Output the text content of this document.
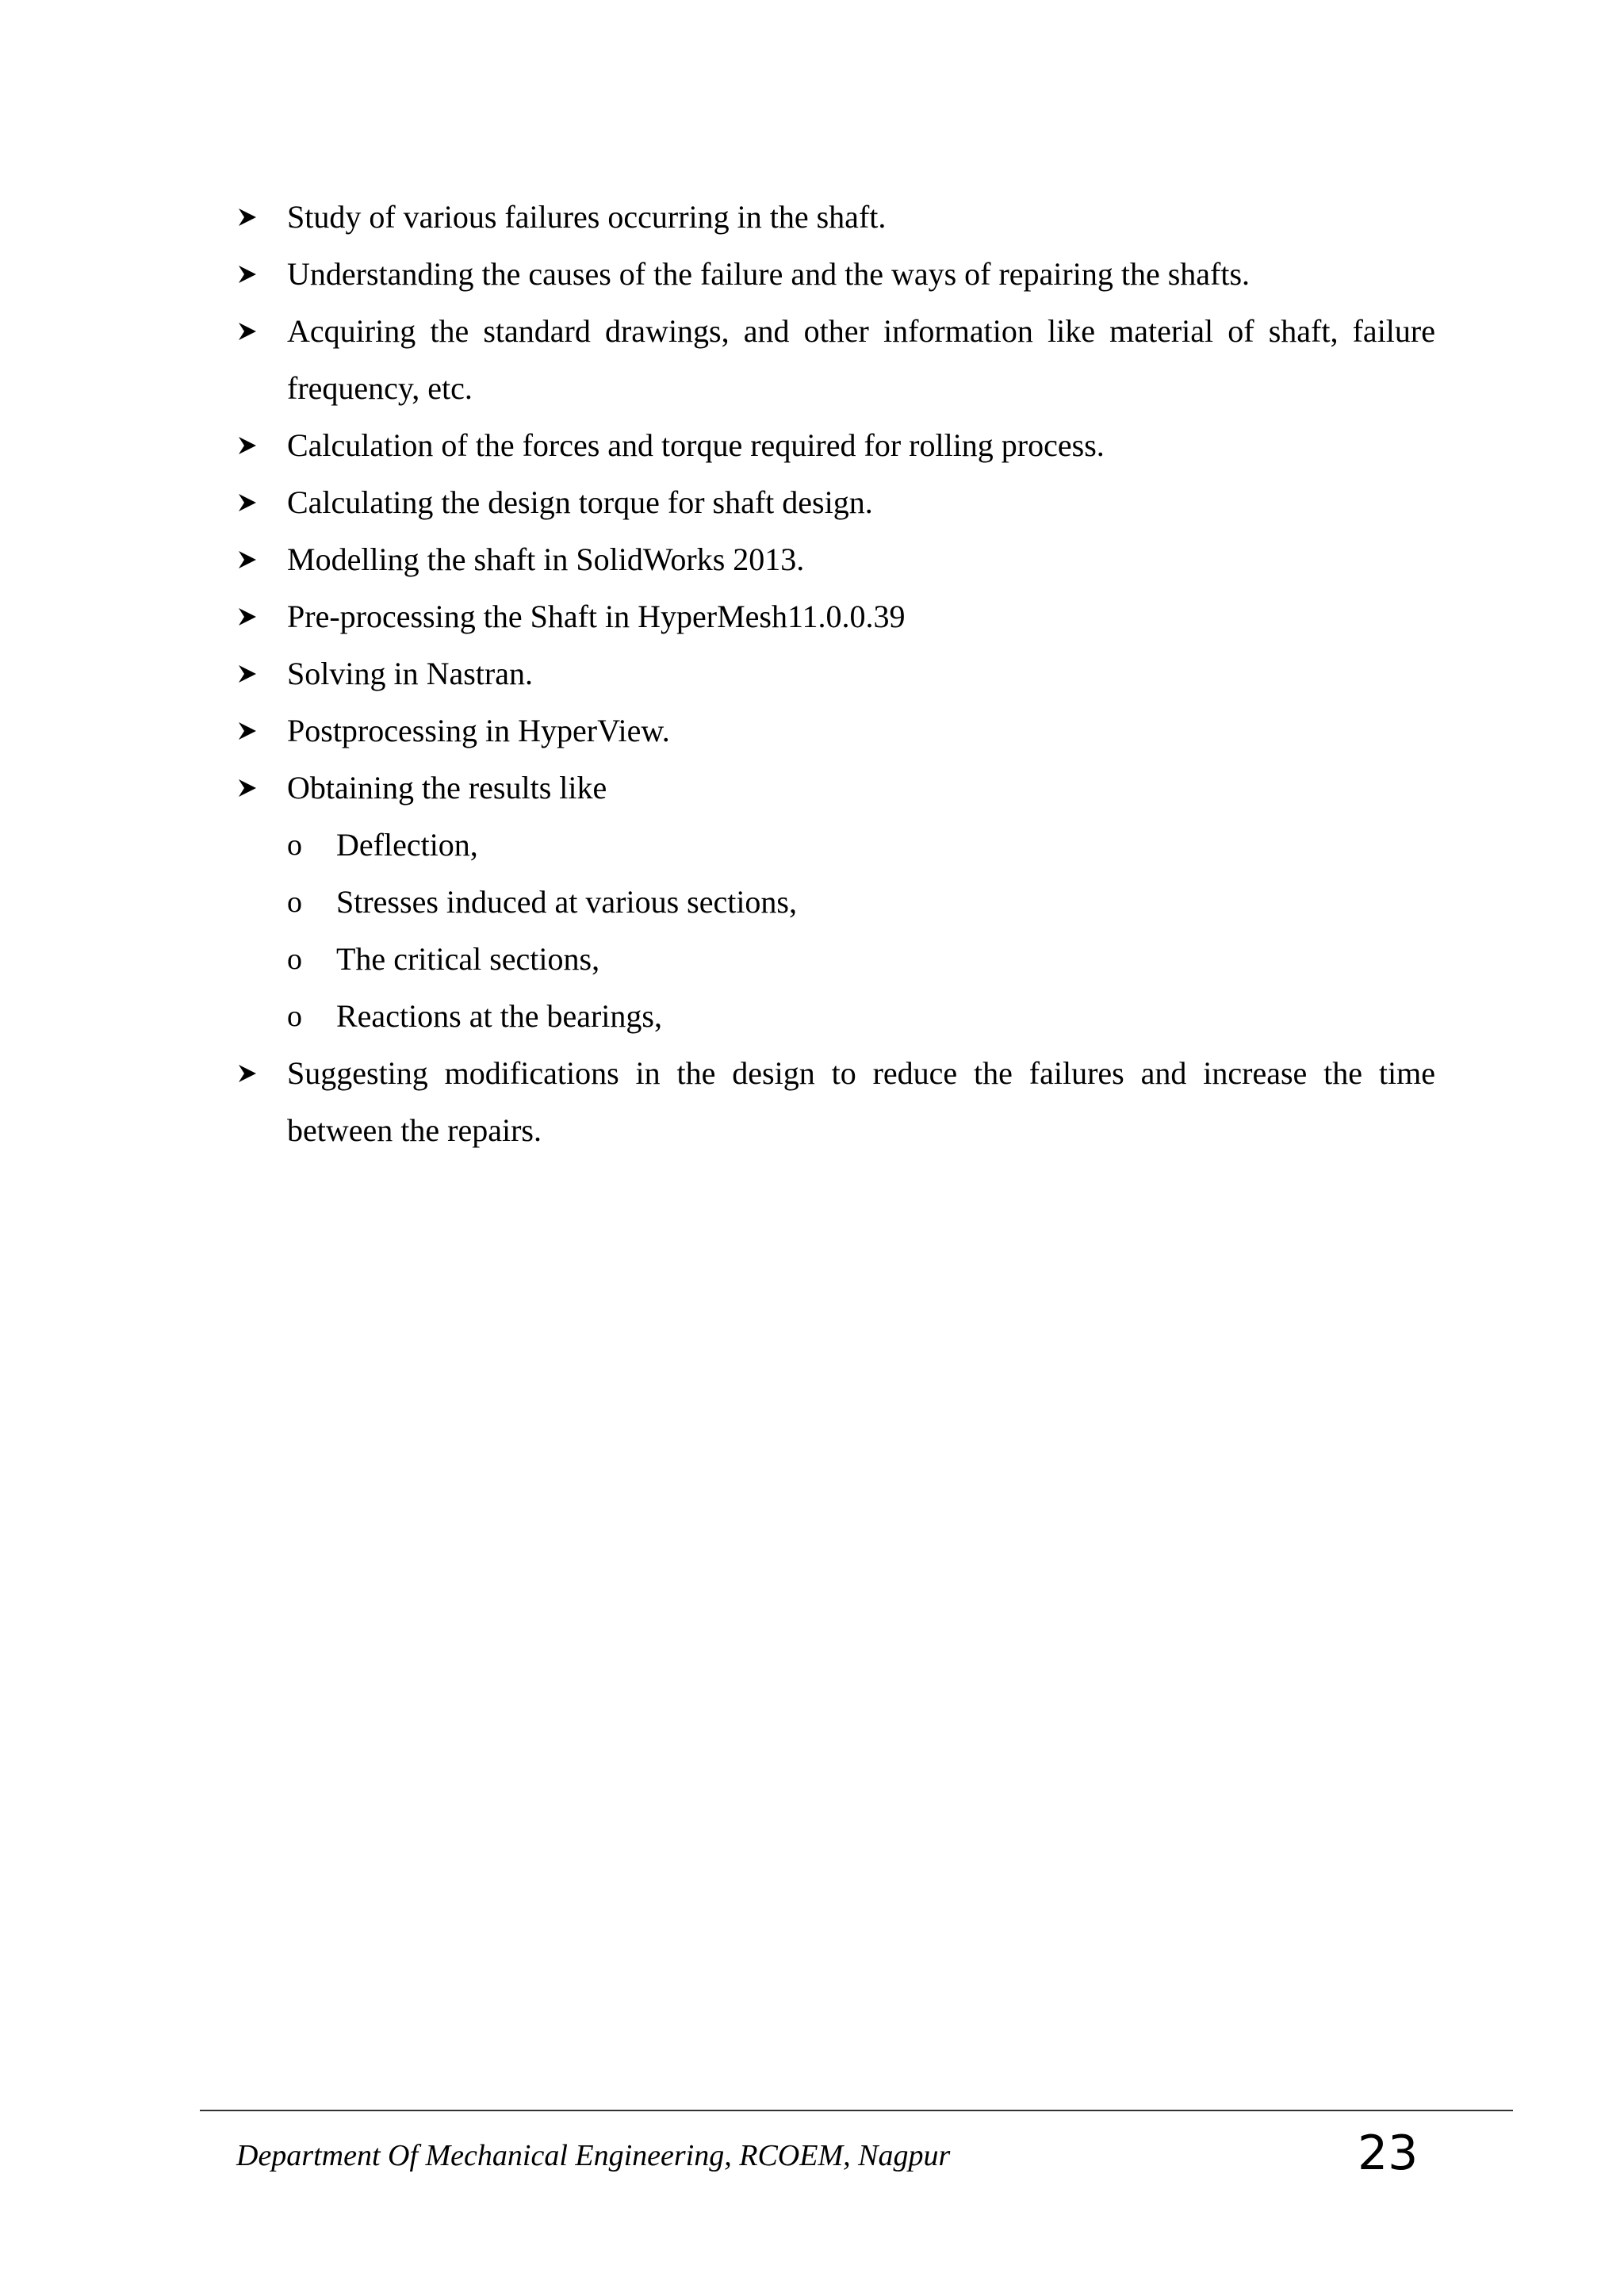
Study of various failures occurring in the shaft.
Understanding the causes of the failure and the ways of repairing the shafts.
Acquiring the standard drawings, and other information like material of shaft, failure frequency, etc.
Calculation of the forces and torque required for rolling process.
Calculating the design torque for shaft design.
Modelling the shaft in SolidWorks 2013.
Pre-processing the Shaft in HyperMesh11.0.0.39
Solving in Nastran.
Postprocessing in HyperView.
Obtaining the results like
o Deflection,
o Stresses induced at various sections,
o The critical sections,
o Reactions at the bearings,
Suggesting modifications in the design to reduce the failures and increase the time between the repairs.
Department Of Mechanical Engineering, RCOEM, Nagpur	23
